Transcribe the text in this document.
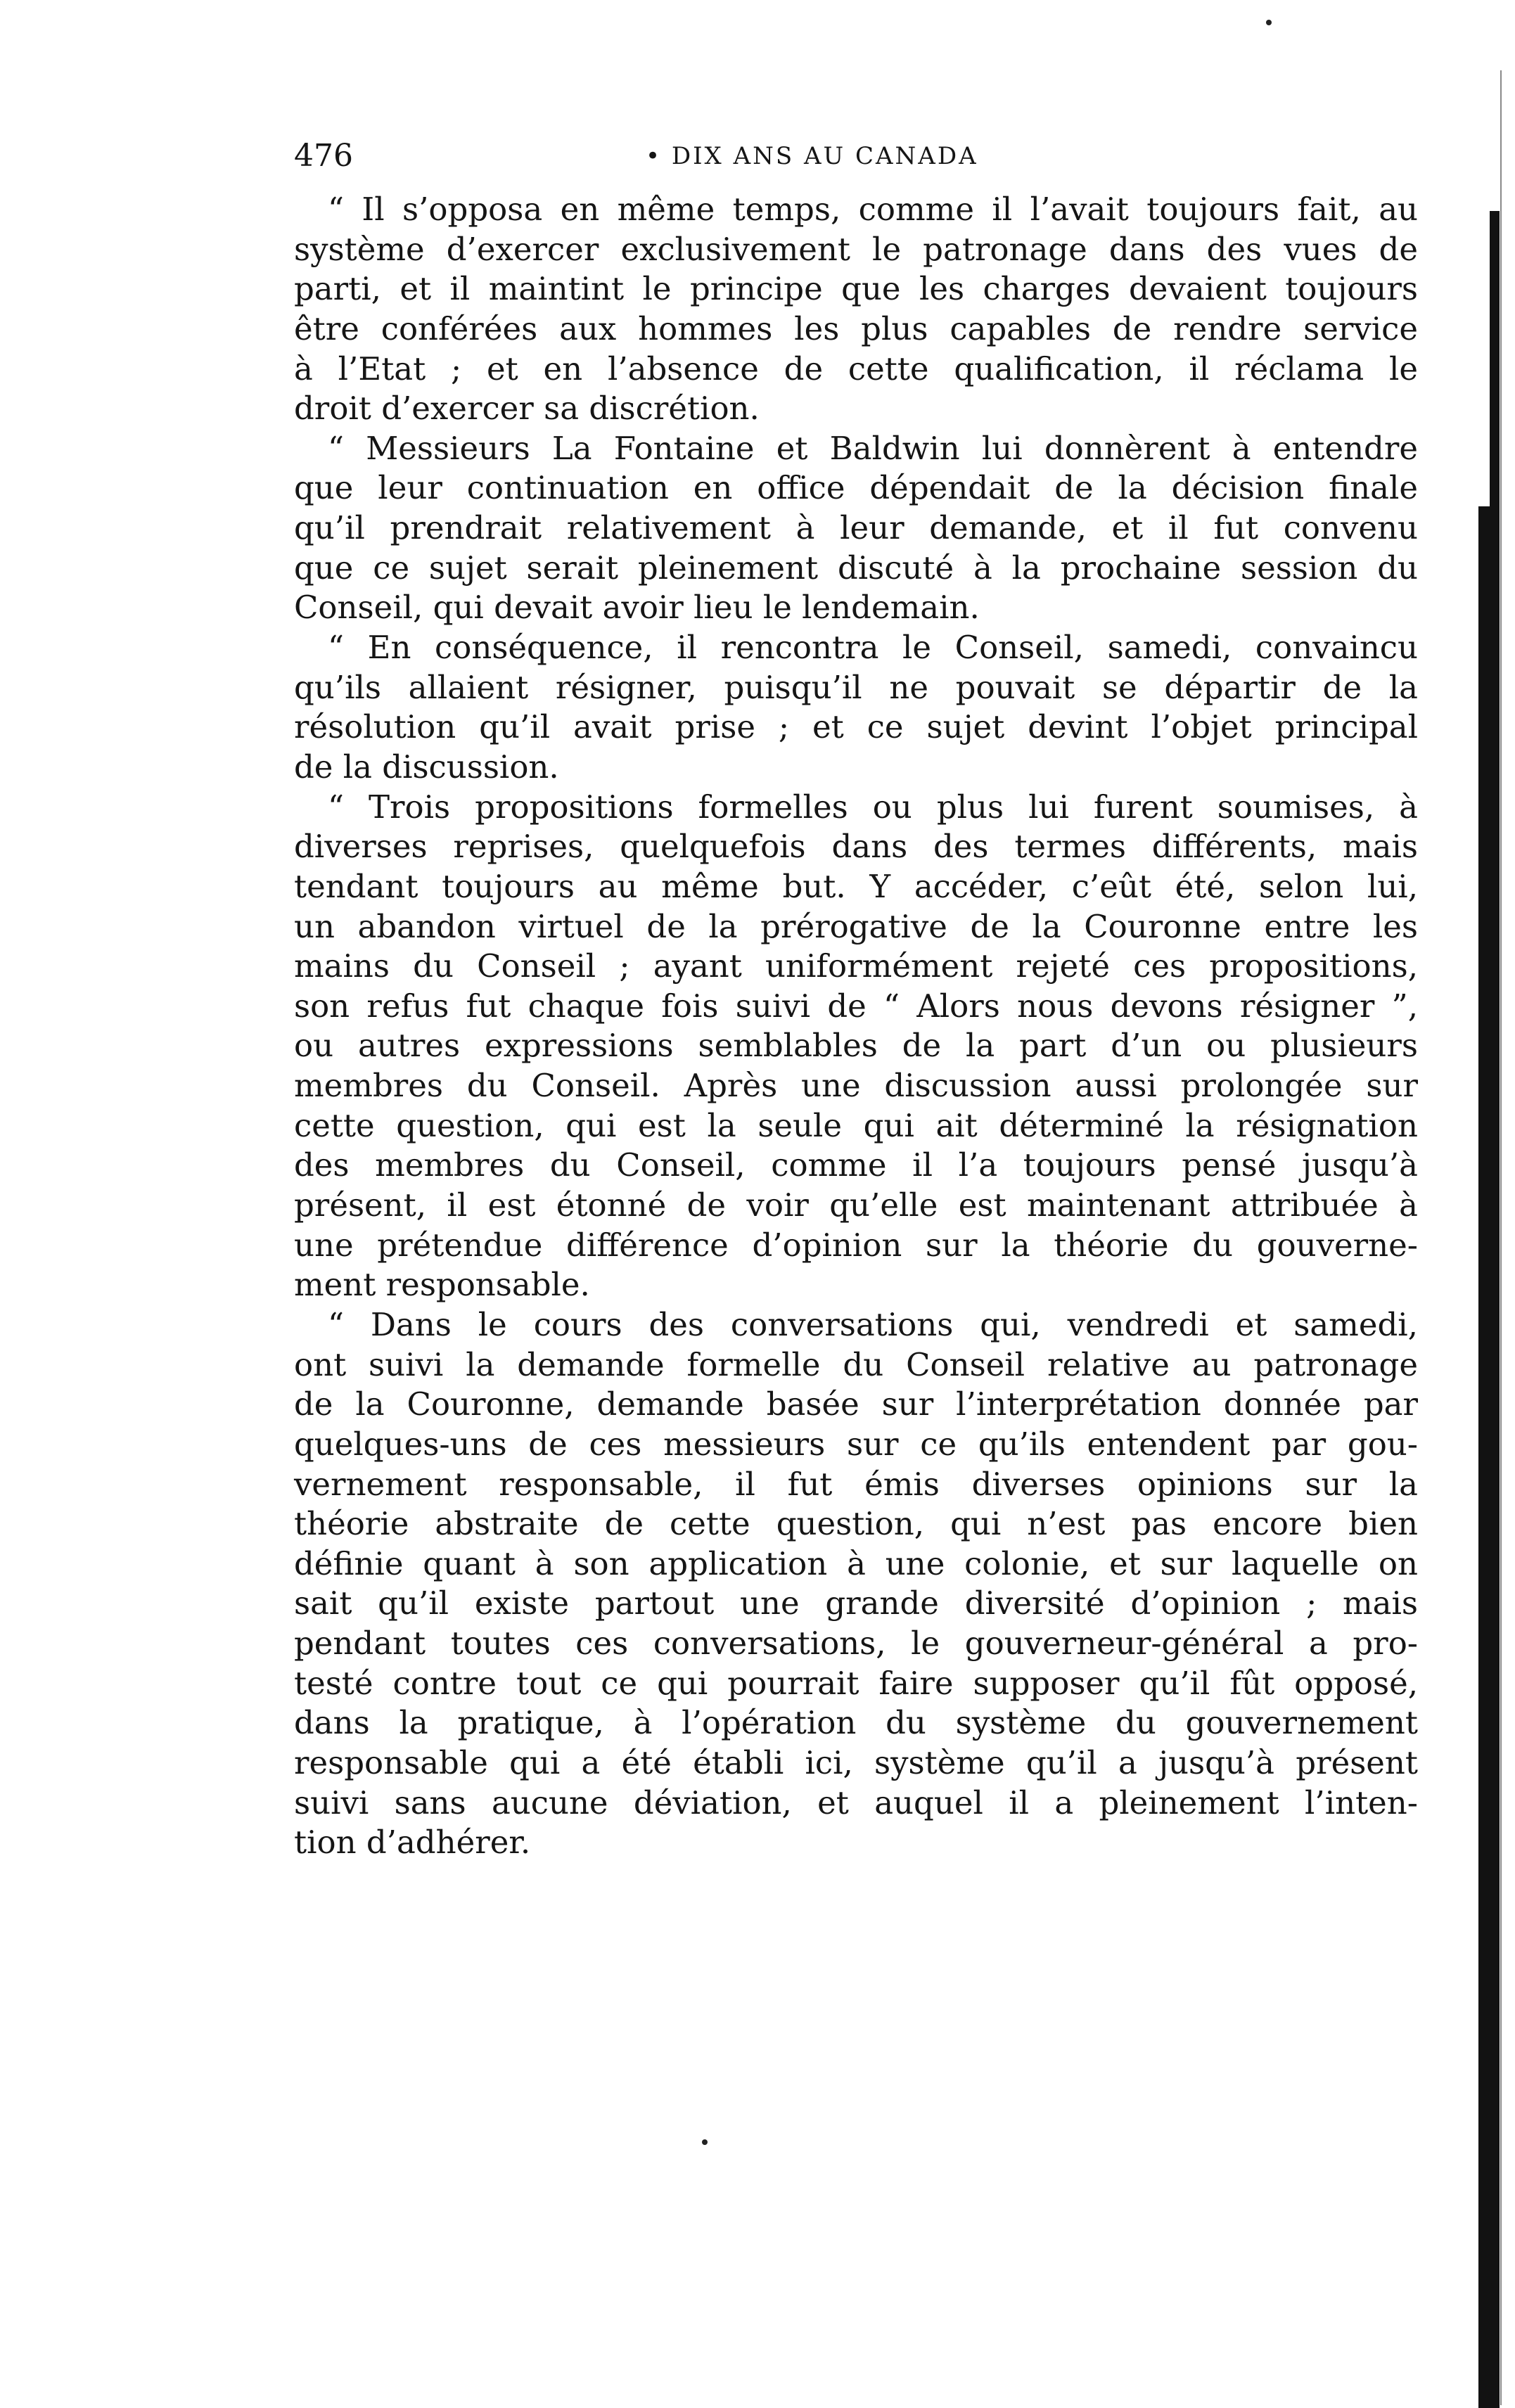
476	• DIX ANS AU CANADA
“ Il s’opposa en même temps, comme il l’avait toujours fait, au
système d’exercer exclusivement le patronage dans des vues de
parti, et il maintint le principe que les charges devaient toujours
être conférées aux hommes les plus capables de rendre service
à l’Etat ; et en l’absence de cette qualification, il réclama le
droit d’exercer sa discrétion.
“ Messieurs La Fontaine et Baldwin lui donnèrent à entendre
que leur continuation en office dépendait de la décision finale
qu’il prendrait relativement à leur demande, et il fut convenu
que ce sujet serait pleinement discuté à la prochaine session du
Conseil, qui devait avoir lieu le lendemain.
“ En conséquence, il rencontra le Conseil, samedi, convaincu
qu’ils allaient résigner, puisqu’il ne pouvait se départir de la
résolution qu’il avait prise ; et ce sujet devint l’objet principal
de la discussion.
“ Trois propositions formelles ou plus lui furent soumises, à
diverses reprises, quelquefois dans des termes différents, mais
tendant toujours au même but. Y accéder, c’eût été, selon lui,
un abandon virtuel de la prérogative de la Couronne entre les
mains du Conseil ; ayant uniformément rejeté ces propositions,
son refus fut chaque fois suivi de “ Alors nous devons résigner ”,
ou autres expressions semblables de la part d’un ou plusieurs
membres du Conseil. Après une discussion aussi prolongée sur
cette question, qui est la seule qui ait déterminé la résignation
des membres du Conseil, comme il l’a toujours pensé jusqu’à
présent, il est étonné de voir qu’elle est maintenant attribuée à
une prétendue différence d’opinion sur la théorie du gouverne-
ment responsable.
“ Dans le cours des conversations qui, vendredi et samedi,
ont suivi la demande formelle du Conseil relative au patronage
de la Couronne, demande basée sur l’interprétation donnée par
quelques-uns de ces messieurs sur ce qu’ils entendent par gou-
vernement responsable, il fut émis diverses opinions sur la
théorie abstraite de cette question, qui n’est pas encore bien
définie quant à son application à une colonie, et sur laquelle on
sait qu’il existe partout une grande diversité d’opinion ; mais
pendant toutes ces conversations, le gouverneur-général a pro-
testé contre tout ce qui pourrait faire supposer qu’il fût opposé,
dans la pratique, à l’opération du système du gouvernement
responsable qui a été établi ici, système qu’il a jusqu’à présent
suivi sans aucune déviation, et auquel il a pleinement l’inten-
tion d’adhérer.
